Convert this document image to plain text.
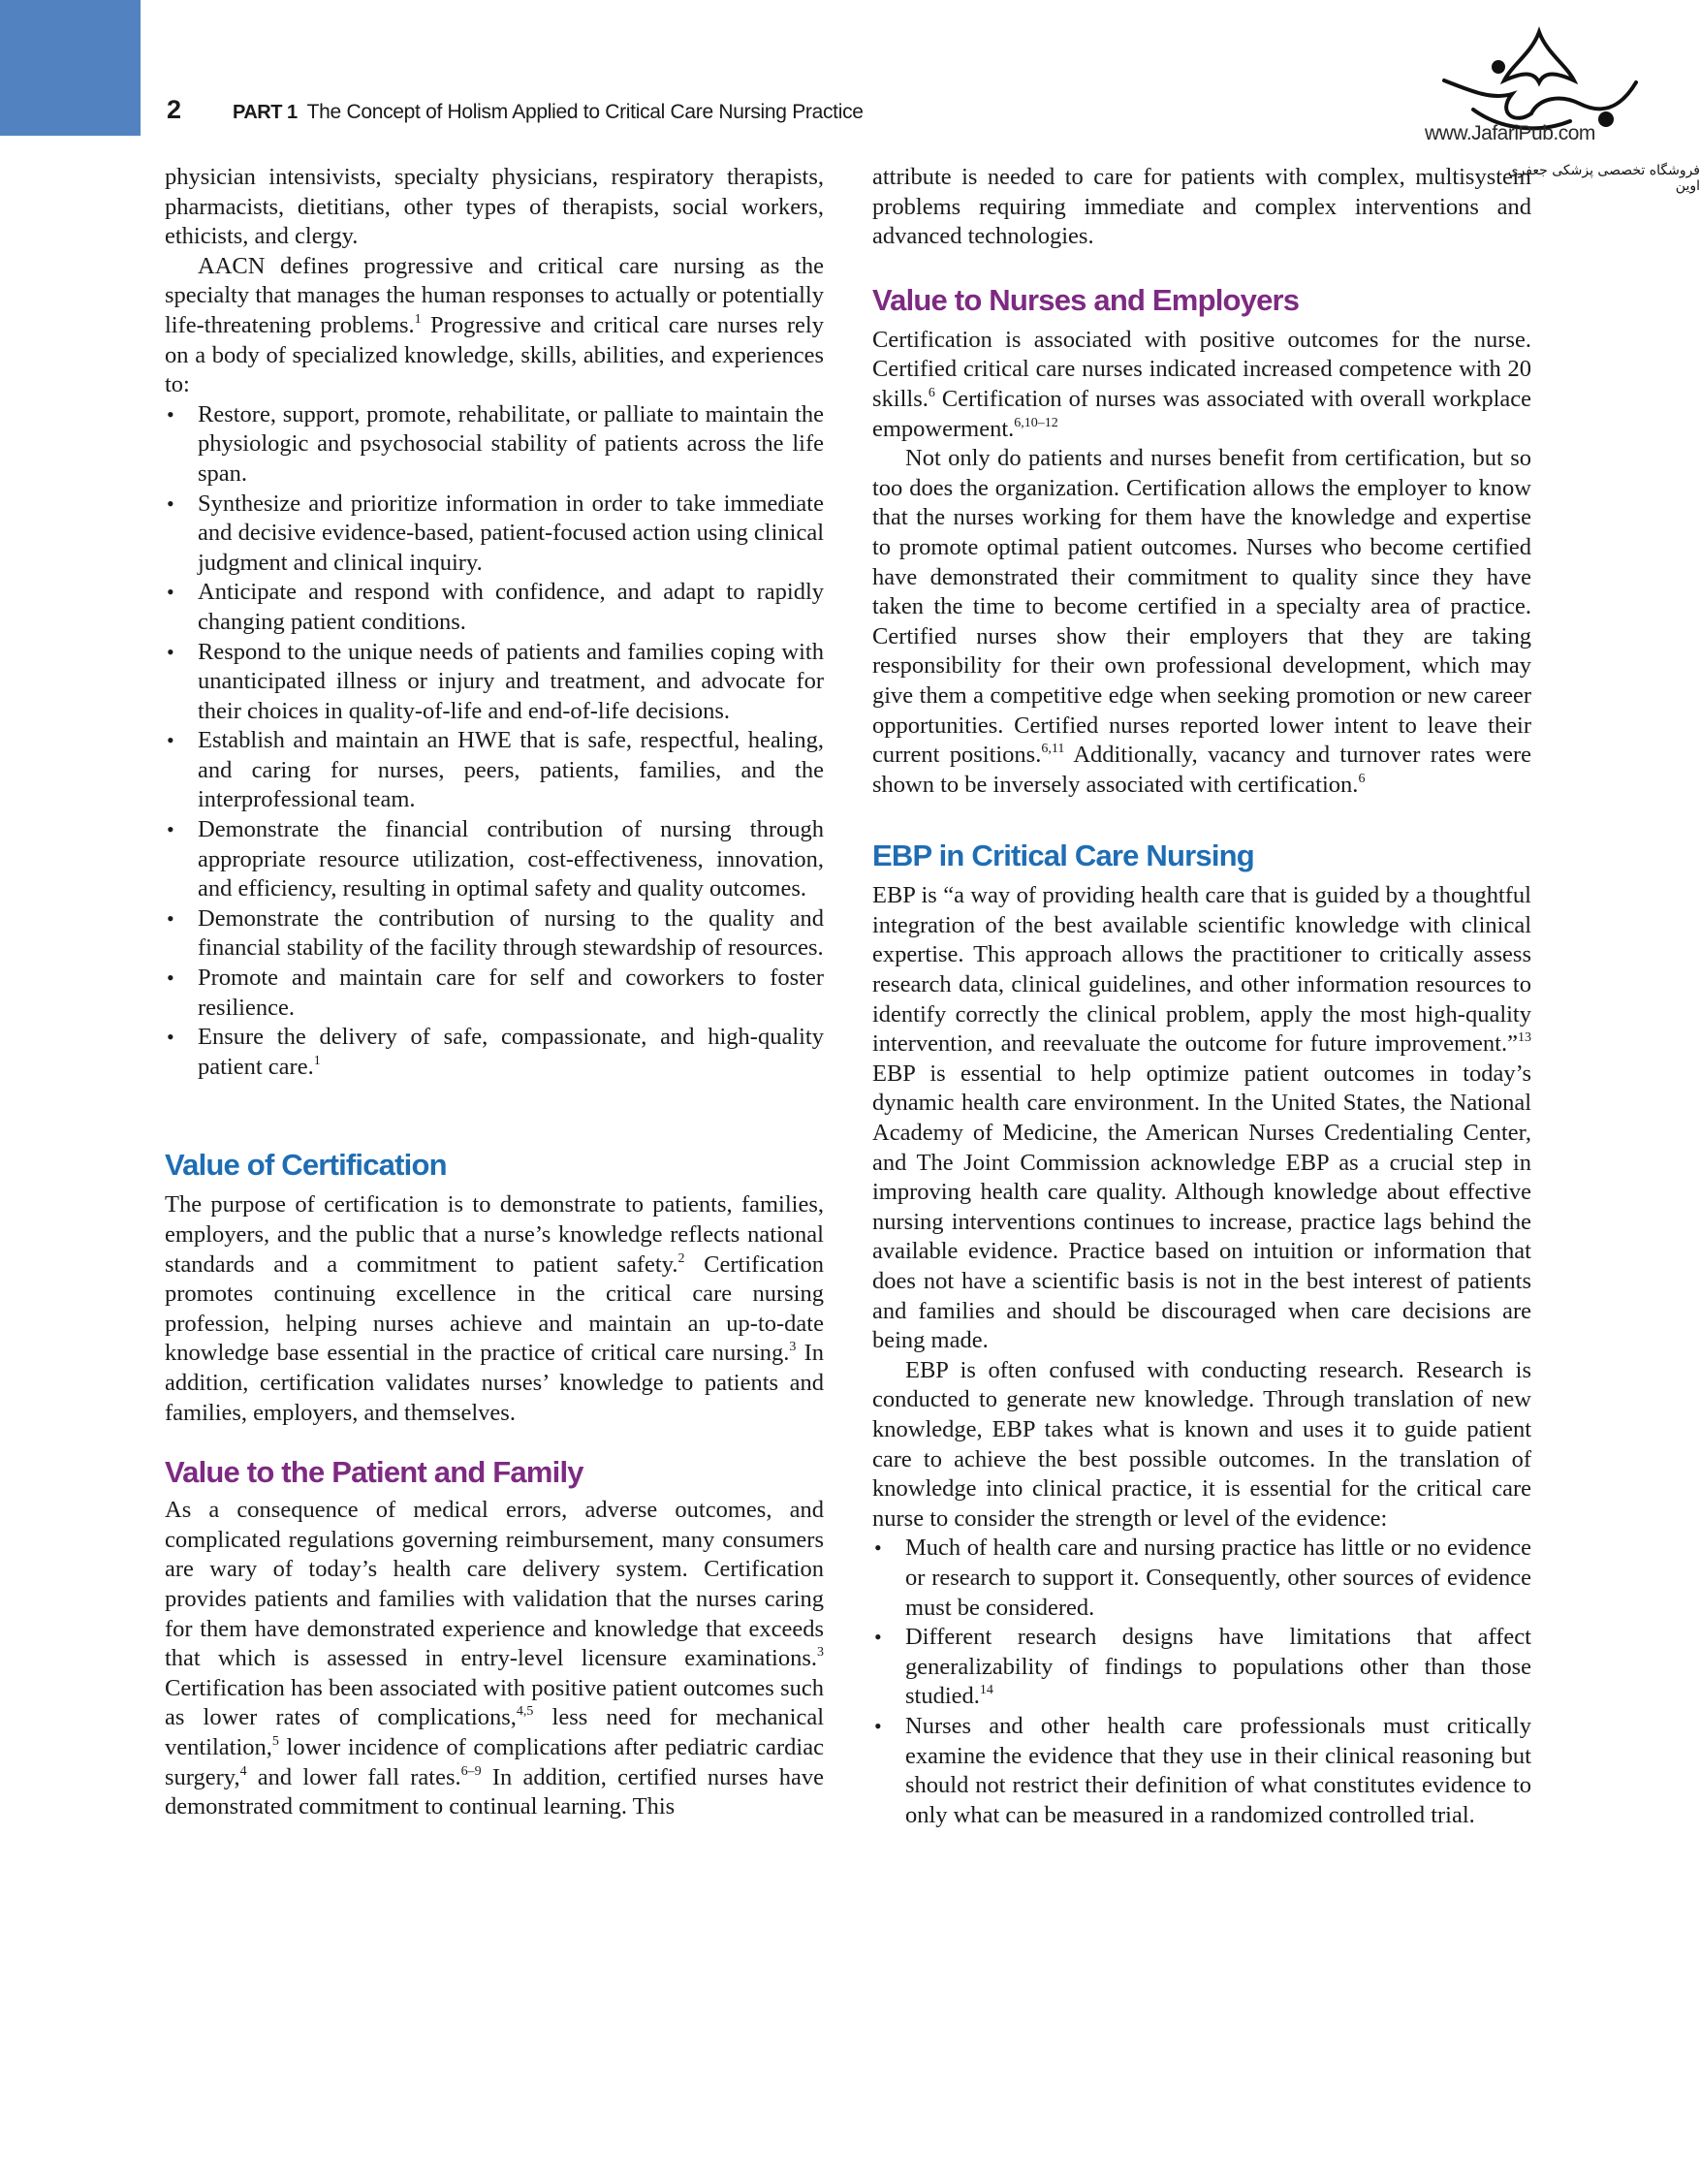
2	PART 1 The Concept of Holism Applied to Critical Care Nursing Practice
www.JafariPub.com
فروشگاه تخصصی پزشکی جعفری اوین

physician intensivists, specialty physicians, respiratory therapists, pharmacists, dietitians, other types of therapists, social workers, ethicists, and clergy.

AACN defines progressive and critical care nursing as the specialty that manages the human responses to actually or potentially life-threatening problems.$^1$ Progressive and critical care nurses rely on a body of specialized knowledge, skills, abilities, and experiences to:

• Restore, support, promote, rehabilitate, or palliate to maintain the physiologic and psychosocial stability of patients across the life span.
• Synthesize and prioritize information in order to take immediate and decisive evidence-based, patient-focused action using clinical judgment and clinical inquiry.
• Anticipate and respond with confidence, and adapt to rapidly changing patient conditions.
• Respond to the unique needs of patients and families coping with unanticipated illness or injury and treatment, and advocate for their choices in quality-of-life and end-of-life decisions.
• Establish and maintain an HWE that is safe, respectful, healing, and caring for nurses, peers, patients, families, and the interprofessional team.
• Demonstrate the financial contribution of nursing through appropriate resource utilization, cost-effectiveness, innovation, and efficiency, resulting in optimal safety and quality outcomes.
• Demonstrate the contribution of nursing to the quality and financial stability of the facility through stewardship of resources.
• Promote and maintain care for self and coworkers to foster resilience.
• Ensure the delivery of safe, compassionate, and high-quality patient care.$^1$
Value of Certification

The purpose of certification is to demonstrate to patients, families, employers, and the public that a nurse’s knowledge reflects national standards and a commitment to patient safety.$^2$ Certification promotes continuing excellence in the critical care nursing profession, helping nurses achieve and maintain an up-to-date knowledge base essential in the practice of critical care nursing.$^3$ In addition, certification validates nurses’ knowledge to patients and families, employers, and themselves.

Value to the Patient and Family

As a consequence of medical errors, adverse outcomes, and complicated regulations governing reimbursement, many consumers are wary of today’s health care delivery system. Certification provides patients and families with validation that the nurses caring for them have demonstrated experience and knowledge that exceeds that which is assessed in entry-level licensure examinations.$^3$ Certification has been associated with positive patient outcomes such as lower rates of complications,$^{4,5}$ less need for mechanical ventilation,$^5$ lower incidence of complications after pediatric cardiac surgery,$^4$ and lower fall rates.$^{6-9}$ In addition, certified nurses have demonstrated commitment to continual learning. This

attribute is needed to care for patients with complex, multisystem problems requiring immediate and complex interventions and advanced technologies.

Value to Nurses and Employers

Certification is associated with positive outcomes for the nurse. Certified critical care nurses indicated increased competence with 20 skills.$^6$ Certification of nurses was associated with overall workplace empowerment.$^{6,10-12}$

Not only do patients and nurses benefit from certification, but so too does the organization. Certification allows the employer to know that the nurses working for them have the knowledge and expertise to promote optimal patient outcomes. Nurses who become certified have demonstrated their commitment to quality since they have taken the time to become certified in a specialty area of practice. Certified nurses show their employers that they are taking responsibility for their own professional development, which may give them a competitive edge when seeking promotion or new career opportunities. Certified nurses reported lower intent to leave their current positions.$^{6,11}$ Additionally, vacancy and turnover rates were shown to be inversely associated with certification.$^6$

EBP in Critical Care Nursing

EBP is “a way of providing health care that is guided by a thoughtful integration of the best available scientific knowledge with clinical expertise. This approach allows the practitioner to critically assess research data, clinical guidelines, and other information resources to identify correctly the clinical problem, apply the most high-quality intervention, and reevaluate the outcome for future improvement.”$^{13}$ EBP is essential to help optimize patient outcomes in today’s dynamic health care environment. In the United States, the National Academy of Medicine, the American Nurses Credentialing Center, and The Joint Commission acknowledge EBP as a crucial step in improving health care quality. Although knowledge about effective nursing interventions continues to increase, practice lags behind the available evidence. Practice based on intuition or information that does not have a scientific basis is not in the best interest of patients and families and should be discouraged when care decisions are being made.

EBP is often confused with conducting research. Research is conducted to generate new knowledge. Through translation of new knowledge, EBP takes what is known and uses it to guide patient care to achieve the best possible outcomes. In the translation of knowledge into clinical practice, it is essential for the critical care nurse to consider the strength or level of the evidence:

• Much of health care and nursing practice has little or no evidence or research to support it. Consequently, other sources of evidence must be considered.
• Different research designs have limitations that affect generalizability of findings to populations other than those studied.$^{14}$
• Nurses and other health care professionals must critically examine the evidence that they use in their clinical reasoning but should not restrict their definition of what constitutes evidence to only what can be measured in a randomized controlled trial.
